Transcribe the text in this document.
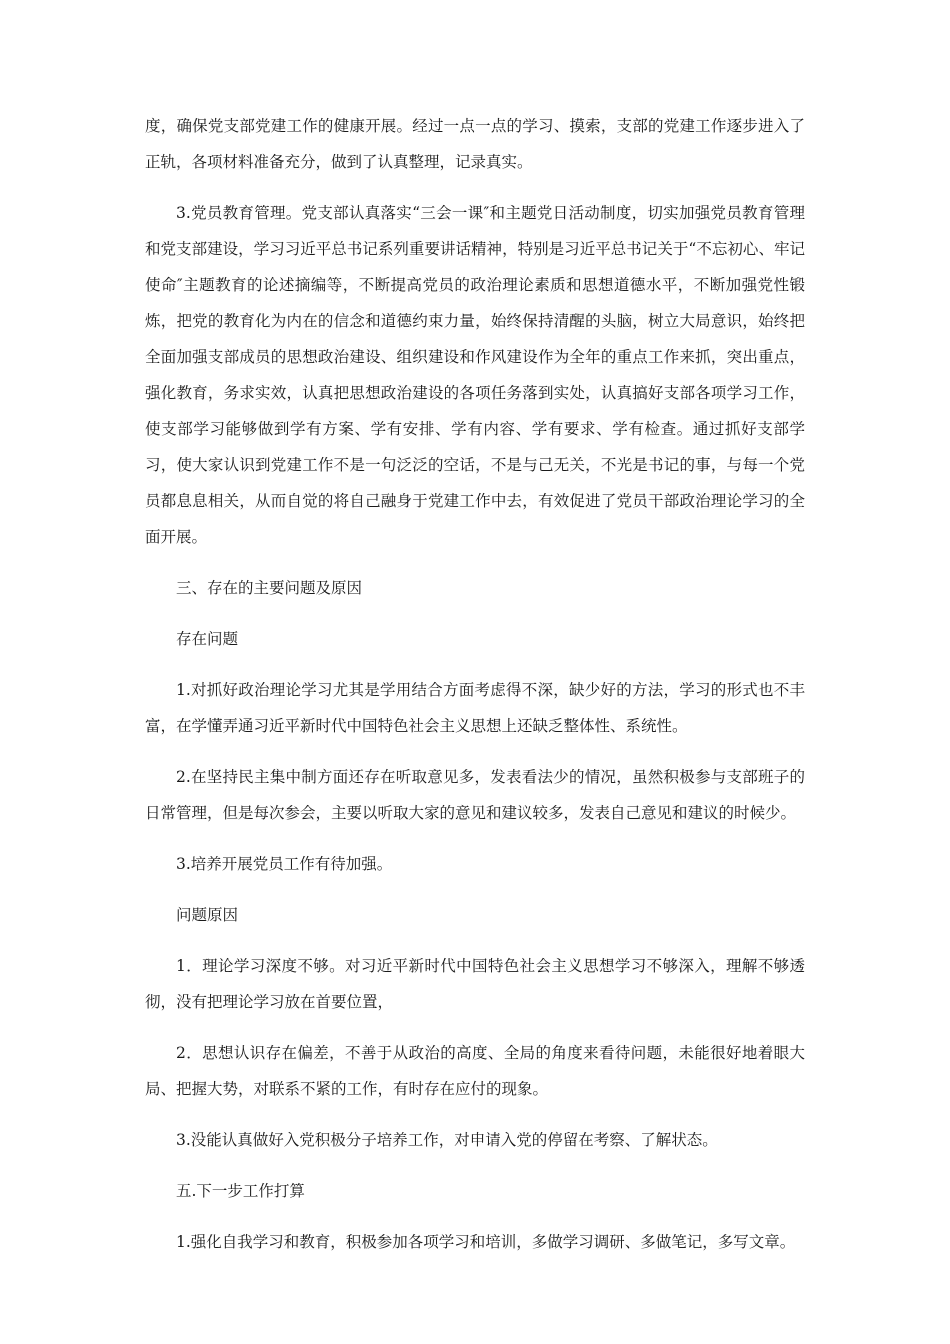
度，确保党支部党建工作的健康开展。经过一点一点的学习、摸索，支部的党建工作逐步进入了正轨，各项材料准备充分，做到了认真整理，记录真实。

3.党员教育管理。党支部认真落实“三会一课″和主题党日活动制度，切实加强党员教育管理和党支部建设，学习习近平总书记系列重要讲话精神，特别是习近平总书记关于“不忘初心、牢记使命″主题教育的论述摘编等，不断提高党员的政治理论素质和思想道德水平，不断加强党性锻炼，把党的教育化为内在的信念和道德约束力量，始终保持清醒的头脑，树立大局意识，始终把全面加强支部成员的思想政治建设、组织建设和作风建设作为全年的重点工作来抓，突出重点，强化教育，务求实效，认真把思想政治建设的各项任务落到实处，认真搞好支部各项学习工作，使支部学习能够做到学有方案、学有安排、学有内容、学有要求、学有检查。通过抓好支部学习，使大家认识到党建工作不是一句泛泛的空话，不是与己无关，不光是书记的事，与每一个党员都息息相关，从而自觉的将自己融身于党建工作中去，有效促进了党员干部政治理论学习的全面开展。

三、存在的主要问题及原因

存在问题

1.对抓好政治理论学习尤其是学用结合方面考虑得不深，缺少好的方法，学习的形式也不丰富，在学懂弄通习近平新时代中国特色社会主义思想上还缺乏整体性、系统性。

2.在坚持民主集中制方面还存在听取意见多，发表看法少的情况，虽然积极参与支部班子的日常管理，但是每次参会，主要以听取大家的意见和建议较多，发表自己意见和建议的时候少。

3.培养开展党员工作有待加强。

问题原因

1．理论学习深度不够。对习近平新时代中国特色社会主义思想学习不够深入，理解不够透彻，没有把理论学习放在首要位置，

2．思想认识存在偏差，不善于从政治的高度、全局的角度来看待问题，未能很好地着眼大局、把握大势，对联系不紧的工作，有时存在应付的现象。

3.没能认真做好入党积极分子培养工作，对申请入党的停留在考察、了解状态。

五.下一步工作打算

1.强化自我学习和教育，积极参加各项学习和培训，多做学习调研、多做笔记，多写文章。
